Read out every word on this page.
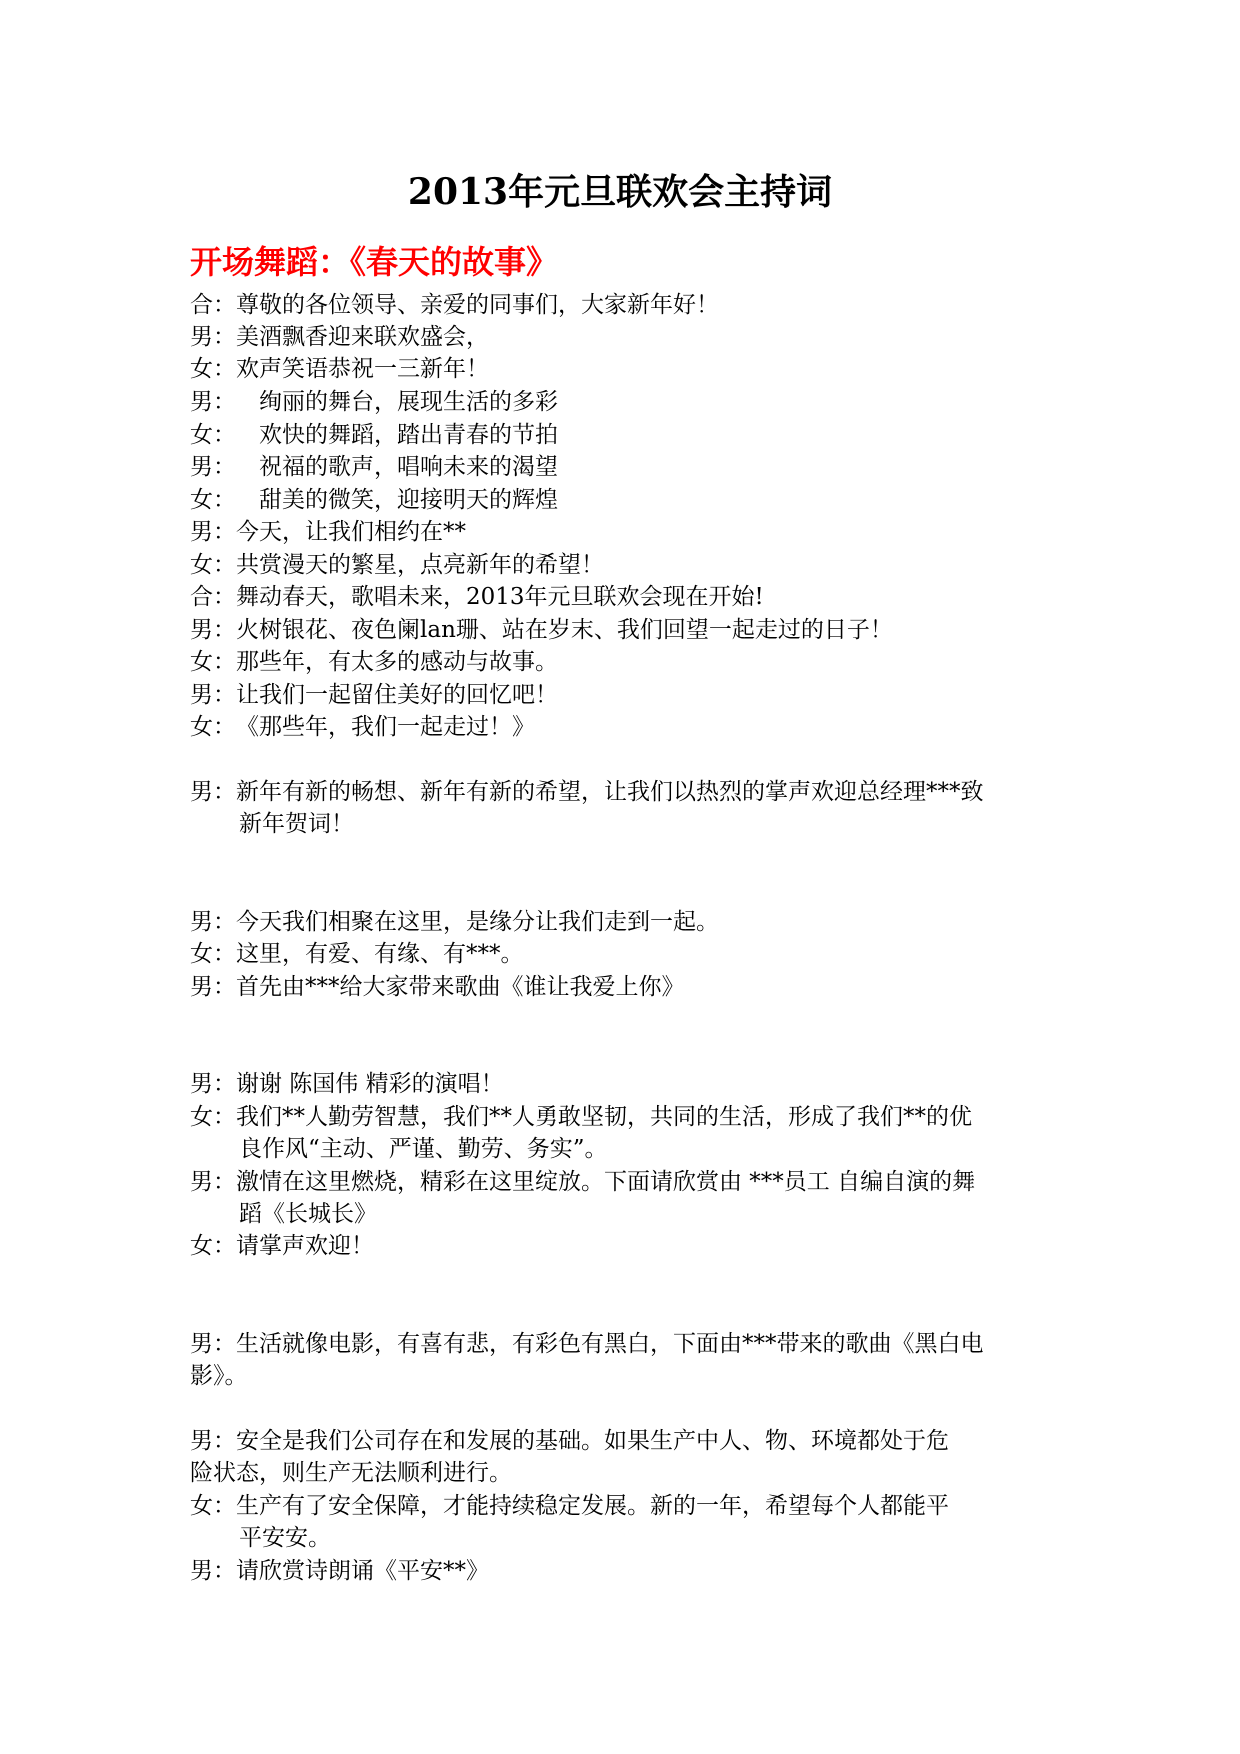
2013年元旦联欢会主持词
开场舞蹈：《春天的故事》
合：尊敬的各位领导、亲爱的同事们，大家新年好！
男：美酒飘香迎来联欢盛会，
女：欢声笑语恭祝一三新年！
男：　绚丽的舞台，展现生活的多彩
女：　欢快的舞蹈，踏出青春的节拍
男：　祝福的歌声，唱响未来的渴望
女：　甜美的微笑，迎接明天的辉煌
男：今天，让我们相约在**
女：共赏漫天的繁星，点亮新年的希望！
合：舞动春天，歌唱未来，2013年元旦联欢会现在开始!
男：火树银花、夜色阑lan珊、站在岁末、我们回望一起走过的日子！
女：那些年，有太多的感动与故事。
男：让我们一起留住美好的回忆吧！
女：《那些年，我们一起走过！》
男：新年有新的畅想、新年有新的希望，让我们以热烈的掌声欢迎总经理***致
新年贺词！
男：今天我们相聚在这里，是缘分让我们走到一起。
女：这里，有爱、有缘、有***。
男：首先由***给大家带来歌曲《谁让我爱上你》
男：谢谢 陈国伟 精彩的演唱！
女：我们**人勤劳智慧，我们**人勇敢坚韧，共同的生活，形成了我们**的优
良作风“主动、严谨、勤劳、务实”。
男：激情在这里燃烧，精彩在这里绽放。下面请欣赏由 ***员工 自编自演的舞
蹈《长城长》
女：请掌声欢迎！
男：生活就像电影，有喜有悲，有彩色有黑白，下面由***带来的歌曲《黑白电
影》。
男：安全是我们公司存在和发展的基础。如果生产中人、物、环境都处于危
险状态，则生产无法顺利进行。
女：生产有了安全保障，才能持续稳定发展。新的一年，希望每个人都能平
平安安。
男：请欣赏诗朗诵《平安**》
